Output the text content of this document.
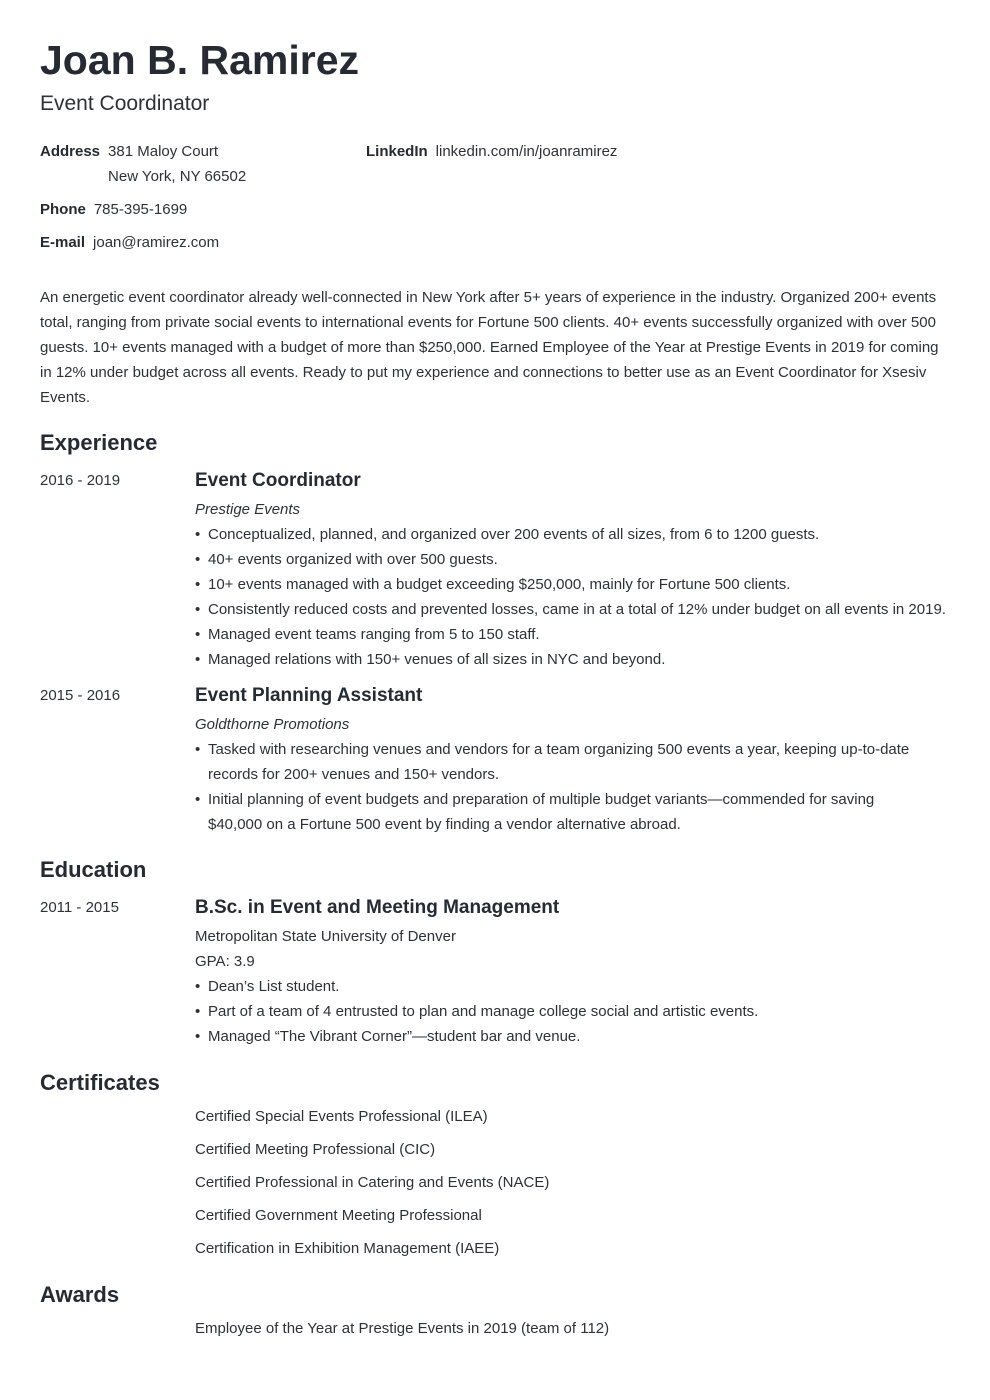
Joan B. Ramirez
Event Coordinator
Address 381 Maloy Court
New York, NY 66502
LinkedIn linkedin.com/in/joanramirez
Phone 785-395-1699
E-mail joan@ramirez.com

An energetic event coordinator already well-connected in New York after 5+ years of experience in the industry. Organized 200+ events total, ranging from private social events to international events for Fortune 500 clients. 40+ events successfully organized with over 500 guests. 10+ events managed with a budget of more than $250,000. Earned Employee of the Year at Prestige Events in 2019 for coming in 12% under budget across all events. Ready to put my experience and connections to better use as an Event Coordinator for Xsesiv Events.

Experience
2016 - 2019	Event Coordinator
Prestige Events
• Conceptualized, planned, and organized over 200 events of all sizes, from 6 to 1200 guests.
• 40+ events organized with over 500 guests.
• 10+ events managed with a budget exceeding $250,000, mainly for Fortune 500 clients.
• Consistently reduced costs and prevented losses, came in at a total of 12% under budget on all events in 2019.
• Managed event teams ranging from 5 to 150 staff.
• Managed relations with 150+ venues of all sizes in NYC and beyond.
2015 - 2016	Event Planning Assistant
Goldthorne Promotions
• Tasked with researching venues and vendors for a team organizing 500 events a year, keeping up-to-date records for 200+ venues and 150+ vendors.
• Initial planning of event budgets and preparation of multiple budget variants—commended for saving $40,000 on a Fortune 500 event by finding a vendor alternative abroad.
Education
2011 - 2015	B.Sc. in Event and Meeting Management
Metropolitan State University of Denver
GPA: 3.9
• Dean’s List student.
• Part of a team of 4 entrusted to plan and manage college social and artistic events.
• Managed “The Vibrant Corner”—student bar and venue.
Certificates
Certified Special Events Professional (ILEA)
Certified Meeting Professional (CIC)
Certified Professional in Catering and Events (NACE)
Certified Government Meeting Professional
Certification in Exhibition Management (IAEE)
Awards
Employee of the Year at Prestige Events in 2019 (team of 112)
